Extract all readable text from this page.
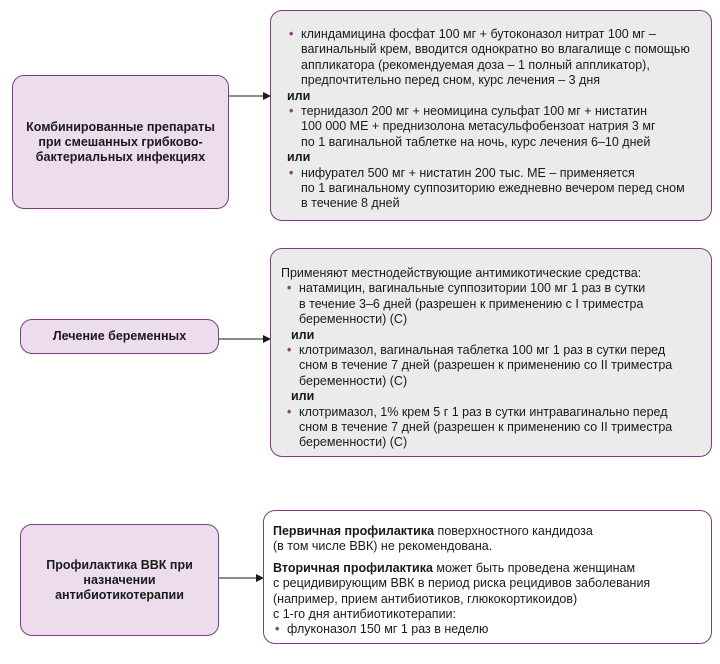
Комбинированные препараты при смешанных грибково-бактериальных инфекциях
• клиндамицина фосфат 100 мг + бутоконазол нитрат 100 мг –
вагинальный крем, вводится однократно во влагалище с помощью
аппликатора (рекомендуемая доза – 1 полный аппликатор),
предпочтительно перед сном, курс лечения – 3 дня
или
• тернидазол 200 мг + неомицина сульфат 100 мг + нистатин
100 000 МЕ + преднизолона метасульфобензоат натрия 3 мг
по 1 вагинальной таблетке на ночь, курс лечения 6–10 дней
или
• нифурател 500 мг + нистатин 200 тыс. МЕ – применяется
по 1 вагинальному суппозиторию ежедневно вечером перед сном
в течение 8 дней
Лечение беременных
Применяют местнодействующие антимикотические средства:
• натамицин, вагинальные суппозитории 100 мг 1 раз в сутки
в течение 3–6 дней (разрешен к применению с I триместра
беременности) (С)
или
• клотримазол, вагинальная таблетка 100 мг 1 раз в сутки перед
сном в течение 7 дней (разрешен к применению со II триместра
беременности) (С)
или
• клотримазол, 1% крем 5 г 1 раз в сутки интравагинально перед
сном в течение 7 дней (разрешен к применению со II триместра
беременности) (С)
Профилактика ВВК при назначении антибиотикотерапии
Первичная профилактика поверхностного кандидоза
(в том числе ВВК) не рекомендована.
Вторичная профилактика может быть проведена женщинам
с рецидивирующим ВВК в период риска рецидивов заболевания
(например, прием антибиотиков, глюкокортикоидов)
с 1-го дня антибиотикотерапии:
• флуконазол 150 мг 1 раз в неделю
